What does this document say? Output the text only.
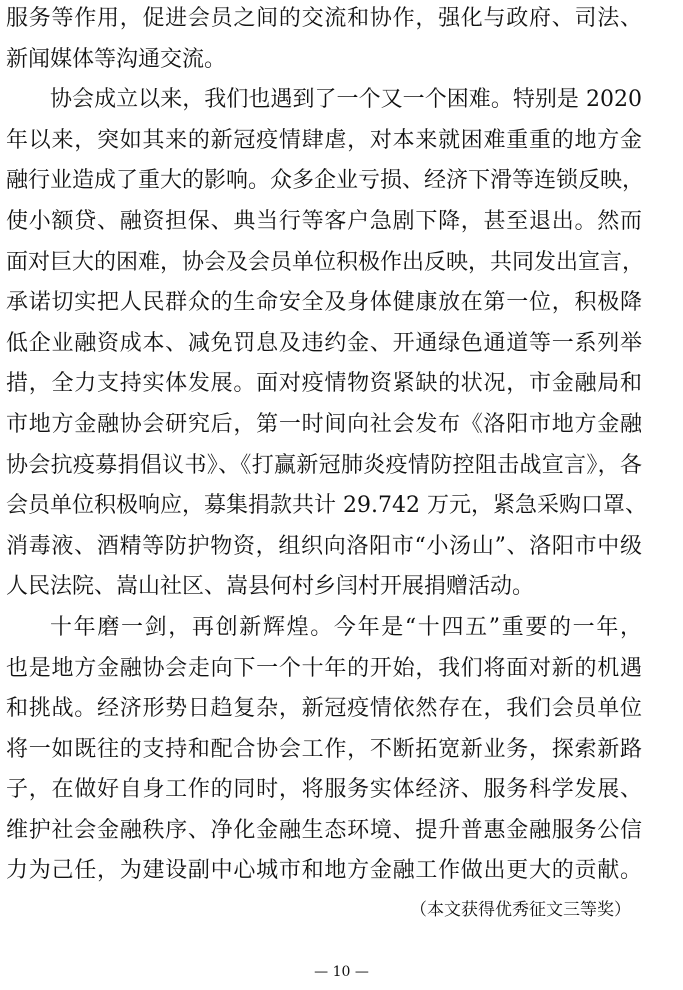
服务等作用，促进会员之间的交流和协作，强化与政府、司法、
新闻媒体等沟通交流。
协会成立以来，我们也遇到了一个又一个困难。特别是 2020
年以来，突如其来的新冠疫情肆虐，对本来就困难重重的地方金
融行业造成了重大的影响。众多企业亏损、经济下滑等连锁反映，
使小额贷、融资担保、典当行等客户急剧下降，甚至退出。然而
面对巨大的困难，协会及会员单位积极作出反映，共同发出宣言，
承诺切实把人民群众的生命安全及身体健康放在第一位，积极降
低企业融资成本、减免罚息及违约金、开通绿色通道等一系列举
措，全力支持实体发展。面对疫情物资紧缺的状况，市金融局和
市地方金融协会研究后，第一时间向社会发布《洛阳市地方金融
协会抗疫募捐倡议书》、《打赢新冠肺炎疫情防控阻击战宣言》，各
会员单位积极响应，募集捐款共计 29.742 万元，紧急采购口罩、
消毒液、酒精等防护物资，组织向洛阳市“小汤山”、洛阳市中级
人民法院、嵩山社区、嵩县何村乡闫村开展捐赠活动。
十年磨一剑，再创新辉煌。今年是“十四五”重要的一年，
也是地方金融协会走向下一个十年的开始，我们将面对新的机遇
和挑战。经济形势日趋复杂，新冠疫情依然存在，我们会员单位
将一如既往的支持和配合协会工作，不断拓宽新业务，探索新路
子，在做好自身工作的同时，将服务实体经济、服务科学发展、
维护社会金融秩序、净化金融生态环境、提升普惠金融服务公信
力为己任，为建设副中心城市和地方金融工作做出更大的贡献。
（本文获得优秀征文三等奖）
— 10 —
